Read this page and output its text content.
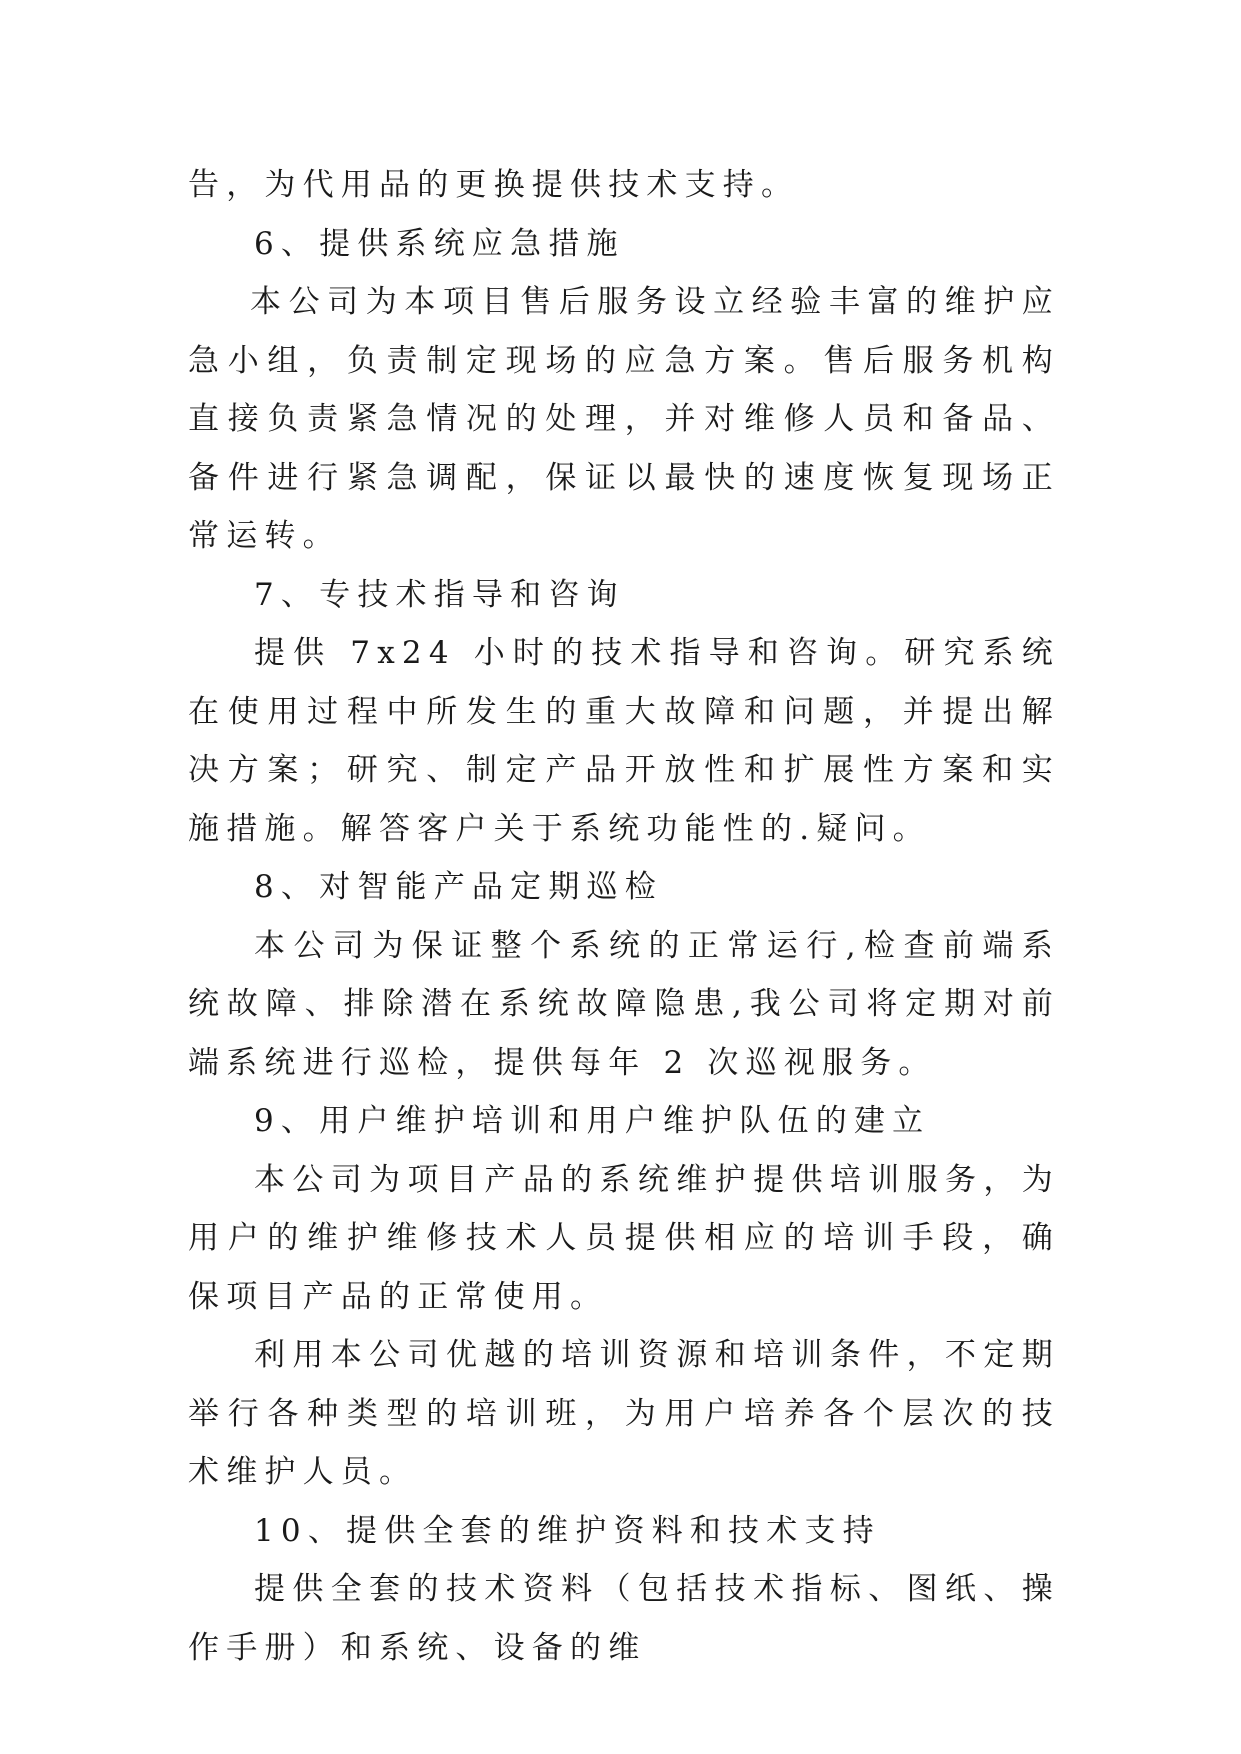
告，为代用品的更换提供技术支持。

6、提供系统应急措施

本公司为本项目售后服务设立经验丰富的维护应急小组，负责制定现场的应急方案。售后服务机构直接负责紧急情况的处理，并对维修人员和备品、备件进行紧急调配，保证以最快的速度恢复现场正常运转。

7、专技术指导和咨询

提供 7x24 小时的技术指导和咨询。研究系统在使用过程中所发生的重大故障和问题，并提出解决方案；研究、制定产品开放性和扩展性方案和实施措施。解答客户关于系统功能性的.疑问。

8、对智能产品定期巡检

本公司为保证整个系统的正常运行,检查前端系统故障、排除潜在系统故障隐患,我公司将定期对前端系统进行巡检，提供每年 2 次巡视服务。

9、用户维护培训和用户维护队伍的建立

本公司为项目产品的系统维护提供培训服务，为用户的维护维修技术人员提供相应的培训手段，确保项目产品的正常使用。

利用本公司优越的培训资源和培训条件，不定期举行各种类型的培训班，为用户培养各个层次的技术维护人员。

10、提供全套的维护资料和技术支持

提供全套的技术资料（包括技术指标、图纸、操作手册）和系统、设备的维
